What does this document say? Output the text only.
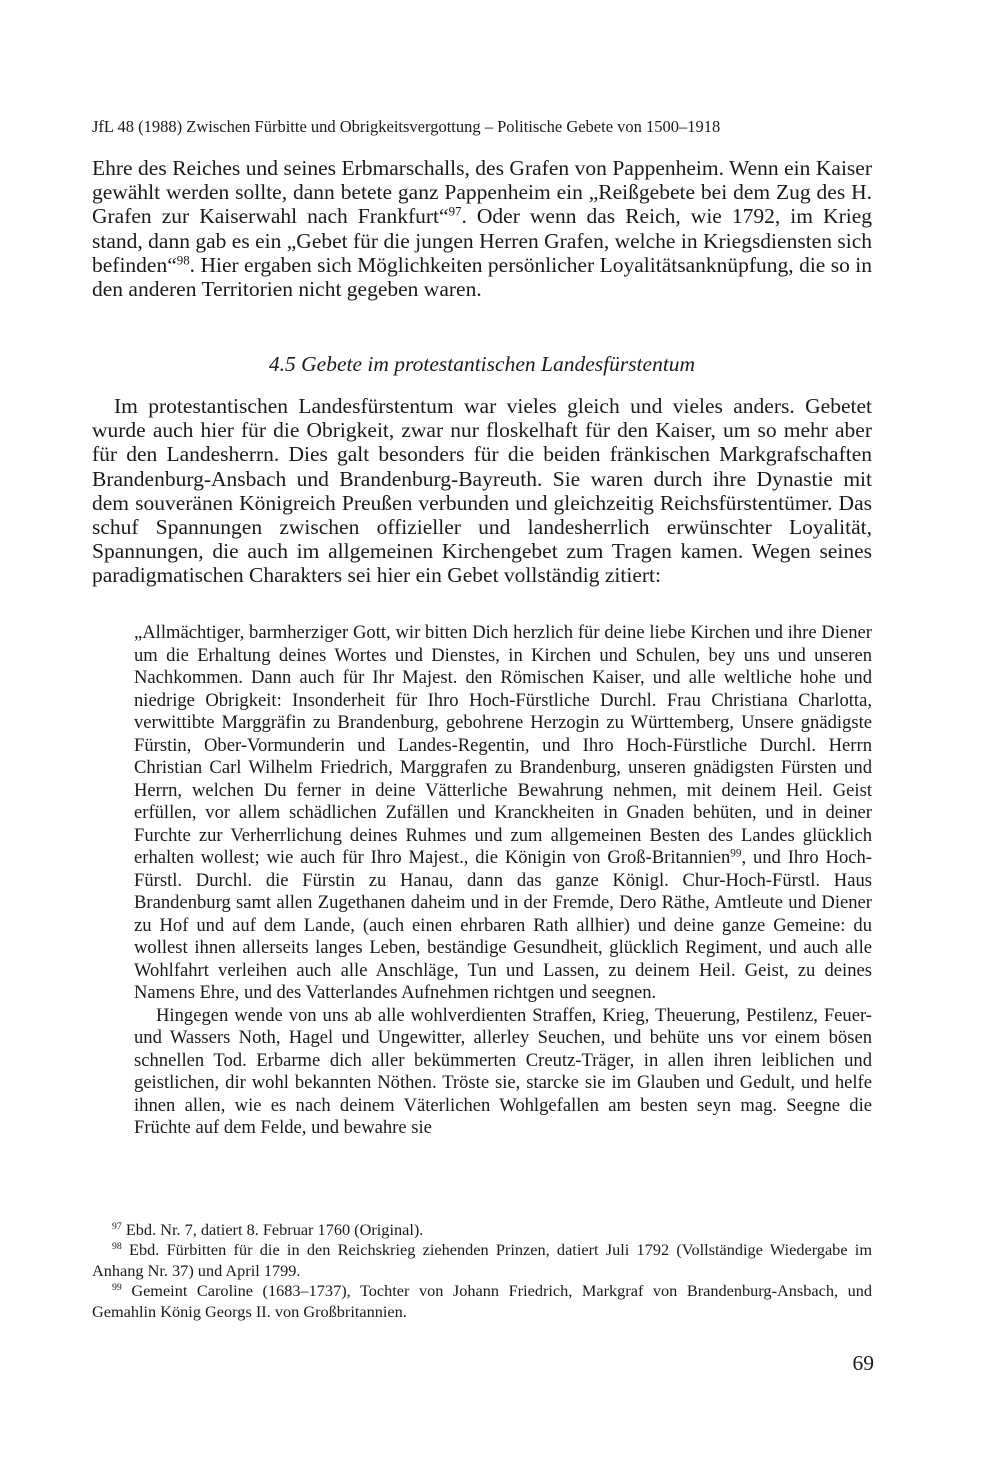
JfL 48 (1988) Zwischen Fürbitte und Obrigkeitsvergottung – Politische Gebete von 1500–1918

Ehre des Reiches und seines Erbmarschalls, des Grafen von Pappenheim. Wenn ein Kaiser gewählt werden sollte, dann betete ganz Pappenheim ein „Reißgebete bei dem Zug des H. Grafen zur Kaiserwahl nach Frankfurt“$^{97}$. Oder wenn das Reich, wie 1792, im Krieg stand, dann gab es ein „Gebet für die jungen Herren Grafen, welche in Kriegsdiensten sich befinden“$^{98}$. Hier ergaben sich Möglichkeiten persönlicher Loyalitätsanknüpfung, die so in den anderen Territorien nicht gegeben waren.

4.5 Gebete im protestantischen Landesfürstentum

Im protestantischen Landesfürstentum war vieles gleich und vieles anders. Gebetet wurde auch hier für die Obrigkeit, zwar nur floskelhaft für den Kaiser, um so mehr aber für den Landesherrn. Dies galt besonders für die beiden fränkischen Markgrafschaften Brandenburg-Ansbach und Brandenburg-Bayreuth. Sie waren durch ihre Dynastie mit dem souveränen Königreich Preußen verbunden und gleichzeitig Reichsfürstentümer. Das schuf Spannungen zwischen offizieller und landesherrlich erwünschter Loyalität, Spannungen, die auch im allgemeinen Kirchengebet zum Tragen kamen. Wegen seines paradigmatischen Charakters sei hier ein Gebet vollständig zitiert:

„Allmächtiger, barmherziger Gott, wir bitten Dich herzlich für deine liebe Kirchen und ihre Diener um die Erhaltung deines Wortes und Dienstes, in Kirchen und Schulen, bey uns und unseren Nachkommen. Dann auch für Ihr Majest. den Römischen Kaiser, und alle weltliche hohe und niedrige Obrigkeit: Insonderheit für Ihro Hoch-Fürstliche Durchl. Frau Christiana Charlotta, verwittibte Marggräfin zu Brandenburg, gebohrene Herzogin zu Württemberg, Unsere gnädigste Fürstin, Ober-Vormunderin und Landes-Regentin, und Ihro Hoch-Fürstliche Durchl. Herrn Christian Carl Wilhelm Friedrich, Marggrafen zu Brandenburg, unseren gnädigsten Fürsten und Herrn, welchen Du ferner in deine Vätterliche Bewahrung nehmen, mit deinem Heil. Geist erfüllen, vor allem schädlichen Zufällen und Kranckheiten in Gnaden behüten, und in deiner Furchte zur Verherrlichung deines Ruhmes und zum allgemeinen Besten des Landes glücklich erhalten wollest; wie auch für Ihro Majest., die Königin von Groß-Britannien$^{99}$, und Ihro Hoch-Fürstl. Durchl. die Fürstin zu Hanau, dann das ganze Königl. Chur-Hoch-Fürstl. Haus Brandenburg samt allen Zugethanen daheim und in der Fremde, Dero Räthe, Amtleute und Diener zu Hof und auf dem Lande, (auch einen ehrbaren Rath allhier) und deine ganze Gemeine: du wollest ihnen allerseits langes Leben, beständige Gesundheit, glücklich Regiment, und auch alle Wohlfahrt verleihen auch alle Anschläge, Tun und Lassen, zu deinem Heil. Geist, zu deines Namens Ehre, und des Vatterlandes Aufnehmen richtgen und seegnen.

Hingegen wende von uns ab alle wohlverdienten Straffen, Krieg, Theuerung, Pestilenz, Feuer- und Wassers Noth, Hagel und Ungewitter, allerley Seuchen, und behüte uns vor einem bösen schnellen Tod. Erbarme dich aller bekümmerten Creutz-Träger, in allen ihren leiblichen und geistlichen, dir wohl bekannten Nöthen. Tröste sie, starcke sie im Glauben und Gedult, und helfe ihnen allen, wie es nach deinem Väterlichen Wohlgefallen am besten seyn mag. Seegne die Früchte auf dem Felde, und bewahre sie

$^{97}$ Ebd. Nr. 7, datiert 8. Februar 1760 (Original).

$^{98}$ Ebd. Fürbitten für die in den Reichskrieg ziehenden Prinzen, datiert Juli 1792 (Vollständige Wiedergabe im Anhang Nr. 37) und April 1799.

$^{99}$ Gemeint Caroline (1683–1737), Tochter von Johann Friedrich, Markgraf von Brandenburg-Ansbach, und Gemahlin König Georgs II. von Großbritannien.

69
